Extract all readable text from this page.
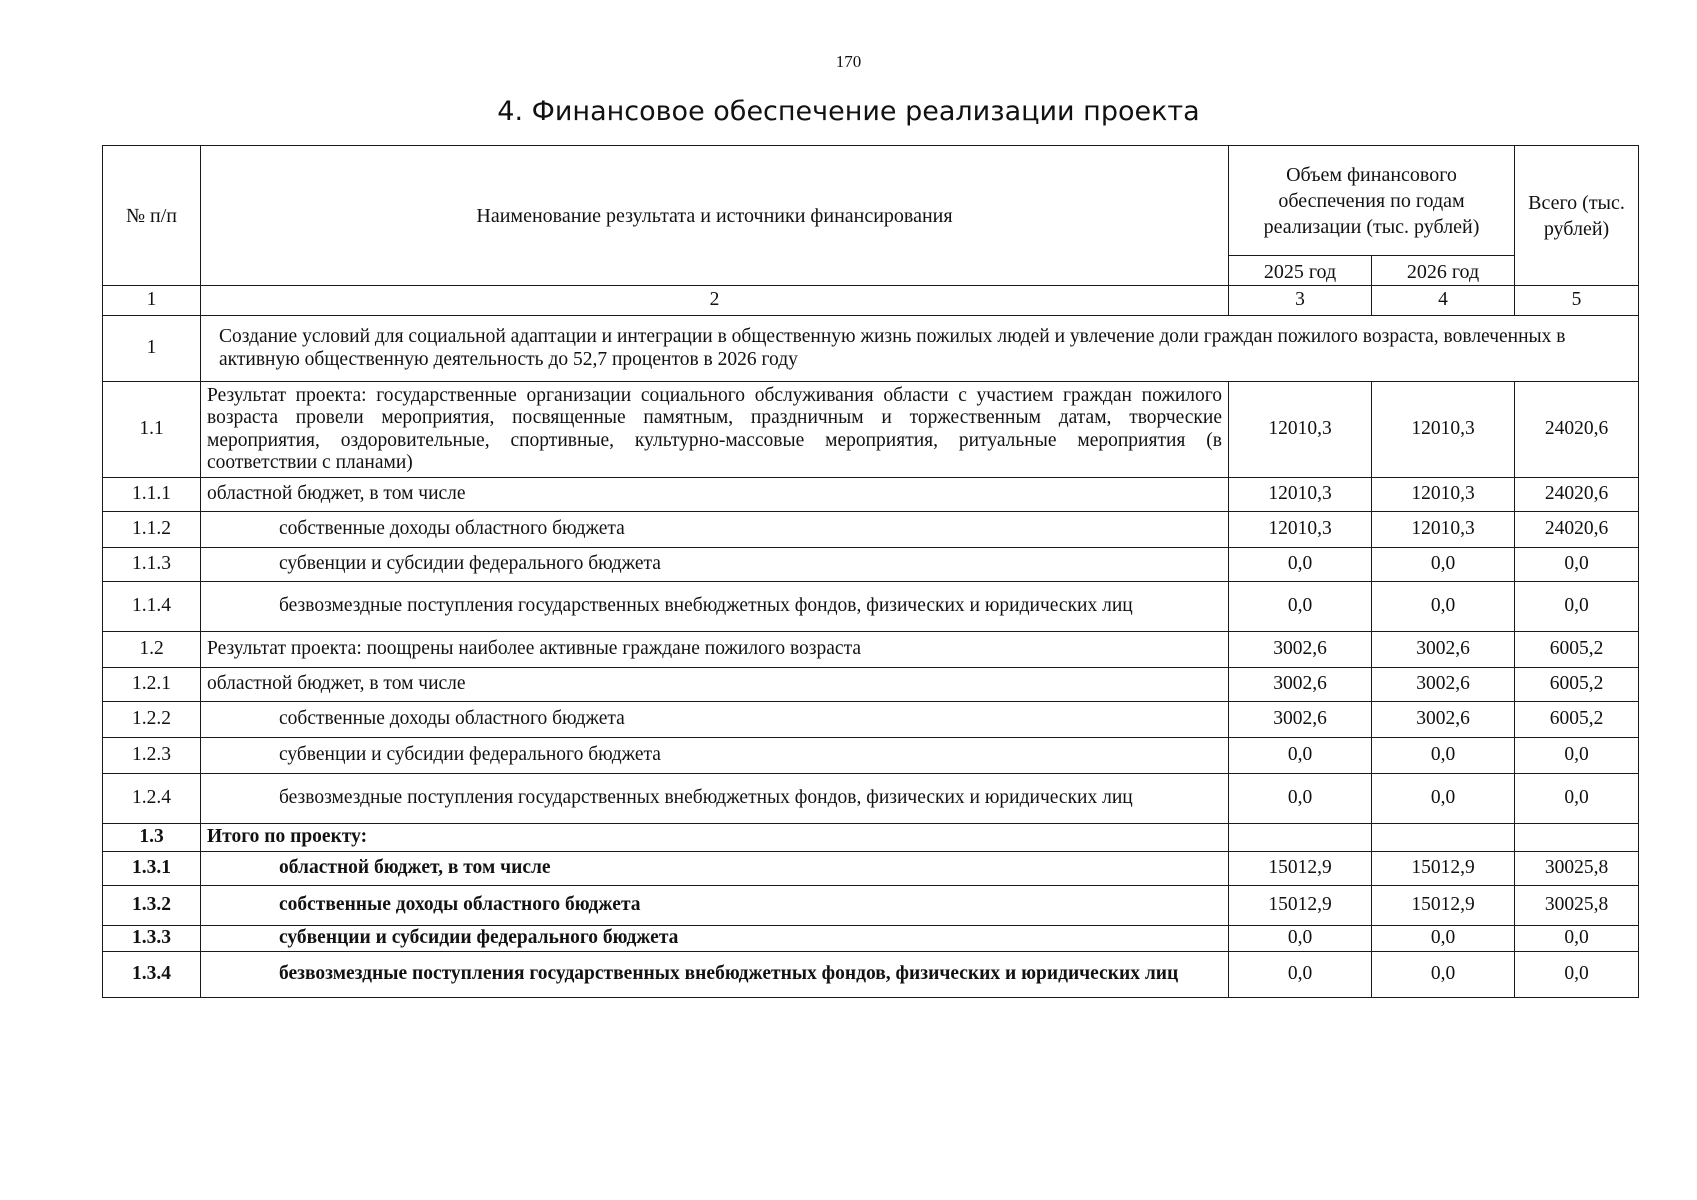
170
4. Финансовое обеспечение реализации проекта
№ п/п	Наименование результата и источники финансирования	Объем финансового обеспечения по годам реализации (тыс. рублей)		Всего (тыс. рублей)
		2025 год	2026 год	
1	2	3	4	5
1	Создание условий для социальной адаптации и интеграции в общественную жизнь пожилых людей и увлечение доли граждан пожилого возраста, вовлеченных в активную общественную деятельность до 52,7 процентов в 2026 году			
1.1	Результат проекта: государственные организации социального обслуживания области с участием граждан пожилого возраста провели мероприятия, посвященные памятным, праздничным и торжественным датам, творческие мероприятия, оздоровительные, спортивные, культурно-массовые мероприятия, ритуальные мероприятия (в соответствии с планами)	12010,3	12010,3	24020,6
1.1.1	областной бюджет, в том числе	12010,3	12010,3	24020,6
1.1.2	собственные доходы областного бюджета	12010,3	12010,3	24020,6
1.1.3	субвенции и субсидии федерального бюджета	0,0	0,0	0,0
1.1.4	безвозмездные поступления государственных внебюджетных фондов, физических и юридических лиц	0,0	0,0	0,0
1.2	Результат проекта: поощрены наиболее активные граждане пожилого возраста	3002,6	3002,6	6005,2
1.2.1	областной бюджет, в том числе	3002,6	3002,6	6005,2
1.2.2	собственные доходы областного бюджета	3002,6	3002,6	6005,2
1.2.3	субвенции и субсидии федерального бюджета	0,0	0,0	0,0
1.2.4	безвозмездные поступления государственных внебюджетных фондов, физических и юридических лиц	0,0	0,0	0,0
1.3	Итого по проекту:			
1.3.1	областной бюджет, в том числе	15012,9	15012,9	30025,8
1.3.2	собственные доходы областного бюджета	15012,9	15012,9	30025,8
1.3.3	субвенции и субсидии федерального бюджета	0,0	0,0	0,0
1.3.4	безвозмездные поступления государственных внебюджетных фондов, физических и юридических лиц	0,0	0,0	0,0
